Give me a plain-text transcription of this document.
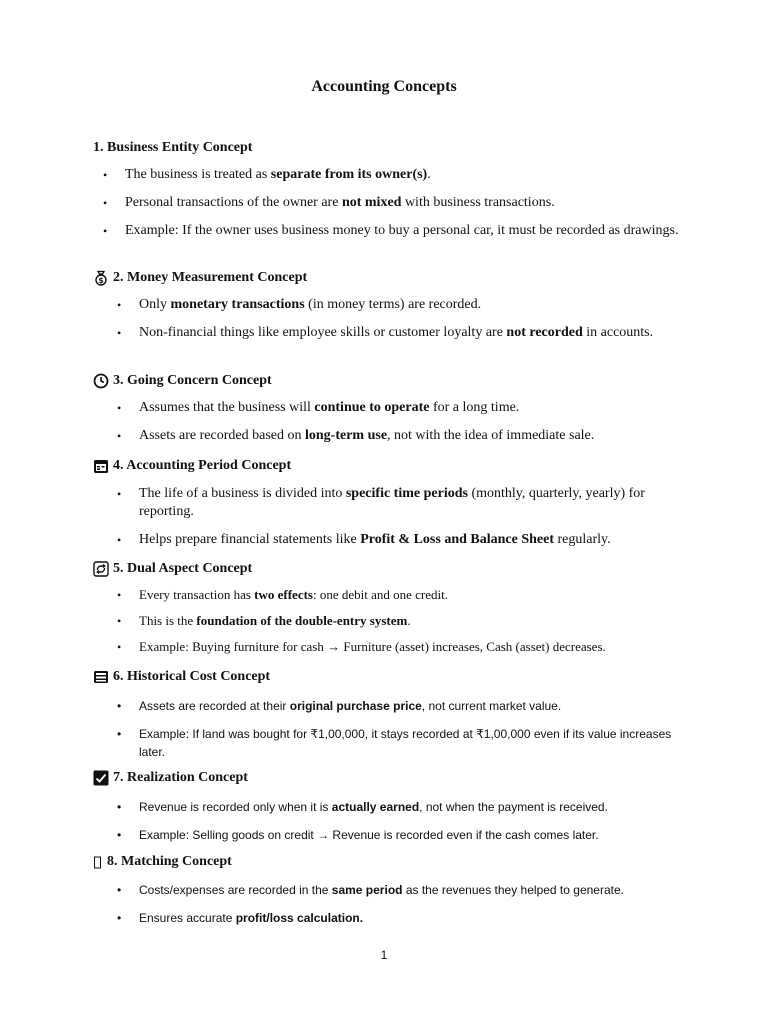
Accounting Concepts
1. Business Entity Concept
• The business is treated as separate from its owner(s).
• Personal transactions of the owner are not mixed with business transactions.
• Example: If the owner uses business money to buy a personal car, it must be recorded as drawings.
$ 2. Money Measurement Concept
• Only monetary transactions (in money terms) are recorded.
• Non-financial things like employee skills or customer loyalty are not recorded in accounts.
3. Going Concern Concept
• Assumes that the business will continue to operate for a long time.
• Assets are recorded based on long-term use, not with the idea of immediate sale.
4. Accounting Period Concept
• The life of a business is divided into specific time periods (monthly, quarterly, yearly) for reporting.
• Helps prepare financial statements like Profit & Loss and Balance Sheet regularly.
5. Dual Aspect Concept
• Every transaction has two effects: one debit and one credit.
• This is the foundation of the double-entry system.
• Example: Buying furniture for cash → Furniture (asset) increases, Cash (asset) decreases.
6. Historical Cost Concept
• Assets are recorded at their original purchase price, not current market value.
• Example: If land was bought for ₹1,00,000, it stays recorded at ₹1,00,000 even if its value increases later.
7. Realization Concept
• Revenue is recorded only when it is actually earned, not when the payment is received.
• Example: Selling goods on credit → Revenue is recorded even if the cash comes later.
8. Matching Concept
• Costs/expenses are recorded in the same period as the revenues they helped to generate.
• Ensures accurate profit/loss calculation.
1
